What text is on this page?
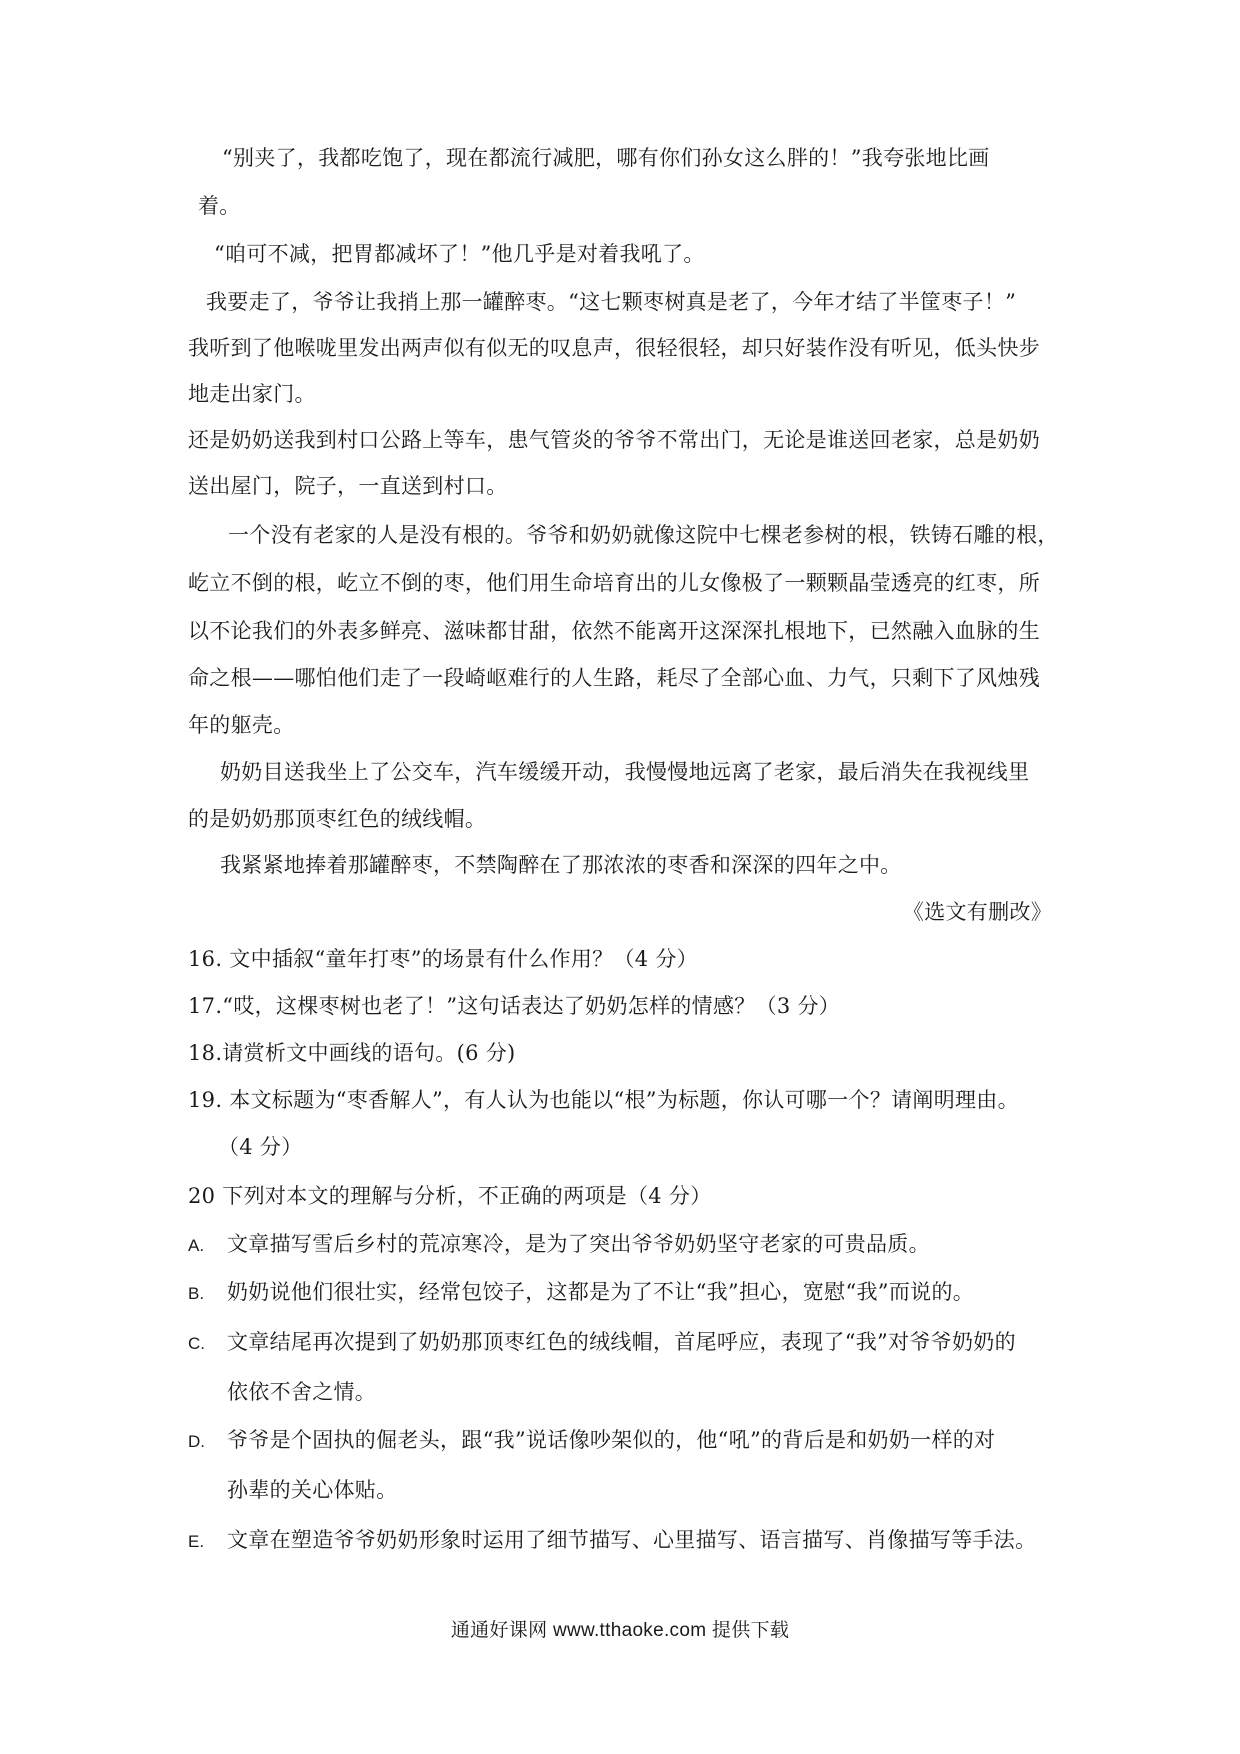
“别夹了，我都吃饱了，现在都流行减肥，哪有你们孙女这么胖的！”我夸张地比画
着。
“咱可不减，把胃都减坏了！”他几乎是对着我吼了。
我要走了，爷爷让我捎上那一罐醉枣。“这七颗枣树真是老了，今年才结了半筐枣子！”
我听到了他喉咙里发出两声似有似无的叹息声，很轻很轻，却只好装作没有听见，低头快步
地走出家门。
还是奶奶送我到村口公路上等车，患气管炎的爷爷不常出门，无论是谁送回老家，总是奶奶
送出屋门，院子，一直送到村口。
一个没有老家的人是没有根的。爷爷和奶奶就像这院中七棵老参树的根，铁铸石雕的根，
屹立不倒的根，屹立不倒的枣，他们用生命培育出的儿女像极了一颗颗晶莹透亮的红枣，所
以不论我们的外表多鲜亮、滋味都甘甜，依然不能离开这深深扎根地下，已然融入血脉的生
命之根——哪怕他们走了一段崎岖难行的人生路，耗尽了全部心血、力气，只剩下了风烛残
年的躯壳。
奶奶目送我坐上了公交车，汽车缓缓开动，我慢慢地远离了老家，最后消失在我视线里
的是奶奶那顶枣红色的绒线帽。
我紧紧地捧着那罐醉枣，不禁陶醉在了那浓浓的枣香和深深的四年之中。
《选文有删改》
16. 文中插叙“童年打枣”的场景有什么作用？（4 分）
17.“哎，这棵枣树也老了！”这句话表达了奶奶怎样的情感？（3 分）
18.请赏析文中画线的语句。(6 分)
19. 本文标题为“枣香解人”，有人认为也能以“根”为标题，你认可哪一个？请阐明理由。
（4 分）
20 下列对本文的理解与分析，不正确的两项是（4 分）
A. 文章描写雪后乡村的荒凉寒冷，是为了突出爷爷奶奶坚守老家的可贵品质。
B. 奶奶说他们很壮实，经常包饺子，这都是为了不让“我”担心，宽慰“我”而说的。
C. 文章结尾再次提到了奶奶那顶枣红色的绒线帽，首尾呼应，表现了“我”对爷爷奶奶的
依依不舍之情。
D. 爷爷是个固执的倔老头，跟“我”说话像吵架似的，他“吼”的背后是和奶奶一样的对
孙辈的关心体贴。
E. 文章在塑造爷爷奶奶形象时运用了细节描写、心里描写、语言描写、肖像描写等手法。
通通好课网 www.tthaoke.com 提供下载
